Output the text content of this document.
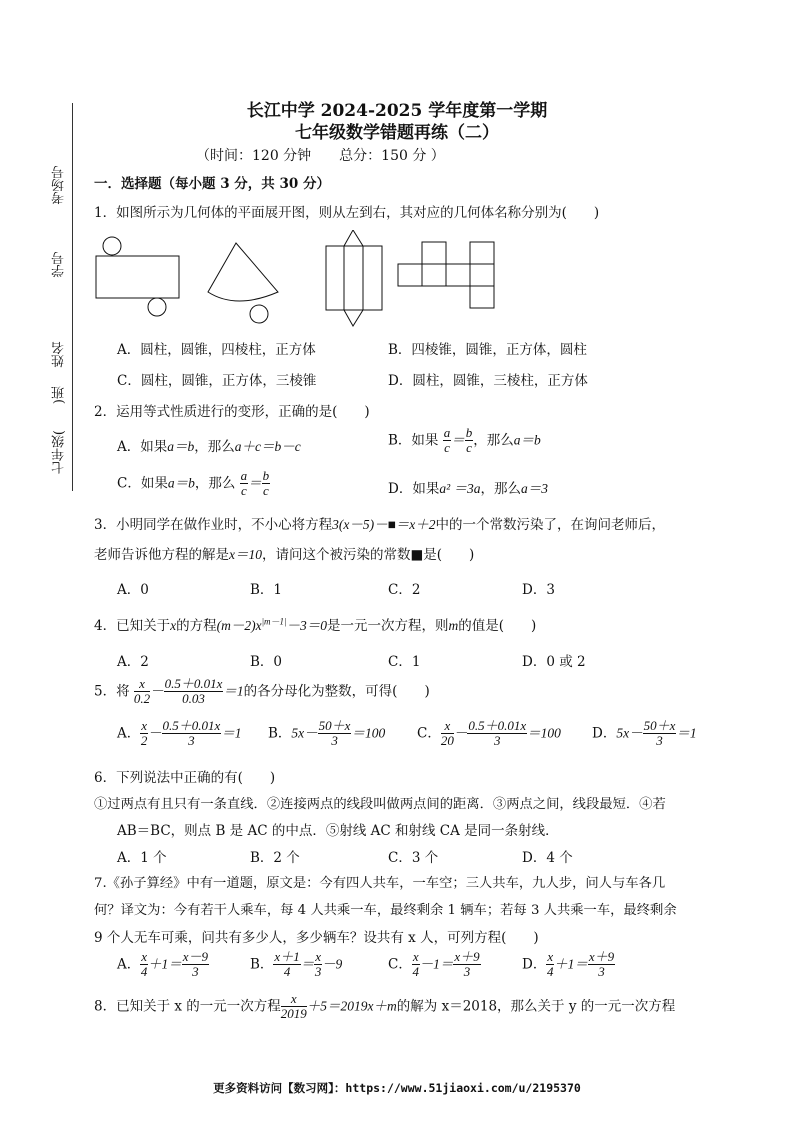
考场号
学号
姓名
)班
七年级(
长江中学 2024-2025 学年度第一学期
七年级数学错题再练（二）
（时间：120 分钟　　总分：150 分 ）
一．选择题（每小题 3 分，共 30 分）
1．如图所示为几何体的平面展开图，则从左到右，其对应的几何体名称分别为(　　)
A．圆柱，圆锥，四棱柱，正方体	B．四棱锥，圆锥，正方体，圆柱
C．圆柱，圆锥，正方体，三棱锥	D．圆柱，圆锥，三棱柱，正方体
2．运用等式性质进行的变形，正确的是(　　)
A．如果a＝b，那么a＋c＝b－c	B．如果 $\frac{a}{c} = \frac{b}{c}$ ，那么a＝b
C．如果a＝b，那么 $\frac{a}{c} = \frac{b}{c}$	D．如果a² ＝3a，那么a＝3
3．小明同学在做作业时，不小心将方程3(x－5)－■＝x＋2中的一个常数污染了，在询问老师后，
老师告诉他方程的解是x＝10，请问这个被污染的常数■是(　　)
A．0	B．1	C．2	D．3
4．已知关于x的方程$(m-2)x^{|m-1|}-3=0$是一元一次方程，则m的值是(　　)
A．2	B．0	C．1	D．0 或 2
5．将 $\frac{x}{0.2} - \frac{0.5+0.01x}{0.03} =1$的各分母化为整数，可得(　　)
A． $\frac{x}{2} - \frac{0.5+0.01x}{3} =1$ B．$5x- \frac{50+x}{3} =100$ C． $\frac{x}{20} - \frac{0.5+0.01x}{3} =100$ D．$5x- \frac{50+x}{3} =1$
6．下列说法中正确的有(　　)
①过两点有且只有一条直线．②连接两点的线段叫做两点间的距离．③两点之间，线段最短．④若
AB＝BC，则点 B 是 AC 的中点．⑤射线 AC 和射线 CA 是同一条射线．
A．1 个	B．2 个	C．3 个	D．4 个
7.《孙子算经》中有一道题，原文是：今有四人共车，一车空；三人共车，九人步，问人与车各几
何？译文为：今有若干人乘车，每 4 人共乘一车，最终剩余 1 辆车；若每 3 人共乘一车，最终剩余
9 个人无车可乘，问共有多少人，多少辆车？设共有 x 人，可列方程(　　)
A． $\frac{x}{4} +1= \frac{x-9}{3}$	B． $\frac{x+1}{4} = \frac{x}{3} -9$	C． $\frac{x}{4} -1= \frac{x+9}{3}$	D． $\frac{x}{4} +1= \frac{x+9}{3}$
8．已知关于 x 的一元一次方程 $\frac{x}{2019} +5=2019x+m$的解为 x＝2018，那么关于 y 的一元一次方程
更多资料访问【数习网】：https://www.51jiaoxi.com/u/2195370
